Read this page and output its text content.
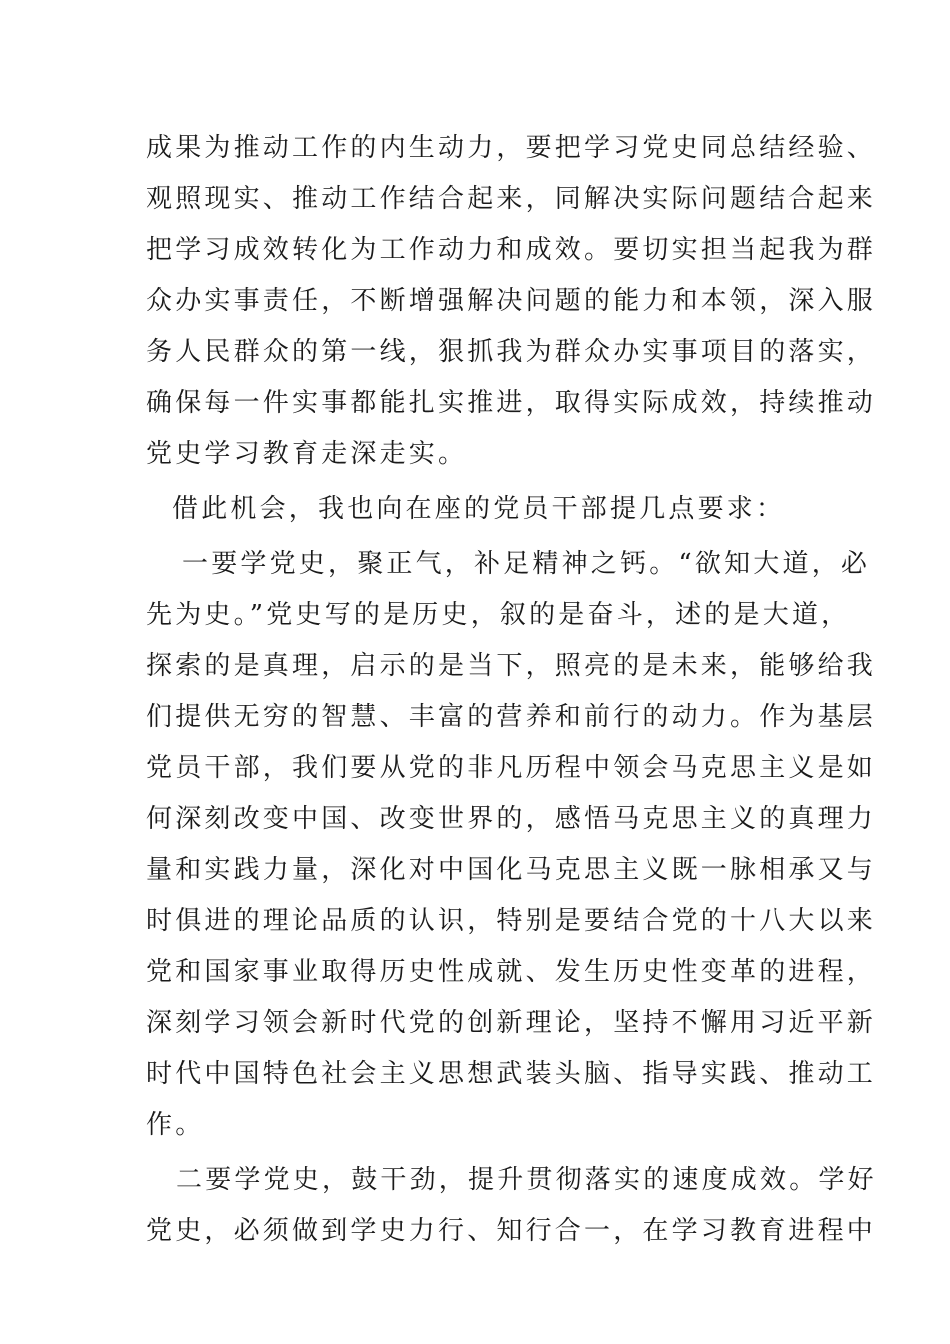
成果为推动工作的内生动力，要把学习党史同总结经验、
观照现实、推动工作结合起来，同解决实际问题结合起来
把学习成效转化为工作动力和成效。要切实担当起我为群
众办实事责任，不断增强解决问题的能力和本领，深入服
务人民群众的第一线，狠抓我为群众办实事项目的落实，
确保每一件实事都能扎实推进，取得实际成效，持续推动
党史学习教育走深走实。
借此机会，我也向在座的党员干部提几点要求：
一要学党史，聚正气，补足精神之钙。“欲知大道，必
先为史。”党史写的是历史，叙的是奋斗，述的是大道，
探索的是真理，启示的是当下，照亮的是未来，能够给我
们提供无穷的智慧、丰富的营养和前行的动力。作为基层
党员干部，我们要从党的非凡历程中领会马克思主义是如
何深刻改变中国、改变世界的，感悟马克思主义的真理力
量和实践力量，深化对中国化马克思主义既一脉相承又与
时俱进的理论品质的认识，特别是要结合党的十八大以来
党和国家事业取得历史性成就、发生历史性变革的进程，
深刻学习领会新时代党的创新理论，坚持不懈用习近平新
时代中国特色社会主义思想武装头脑、指导实践、推动工
作。
二要学党史，鼓干劲，提升贯彻落实的速度成效。学好
党史，必须做到学史力行、知行合一，在学习教育进程中
